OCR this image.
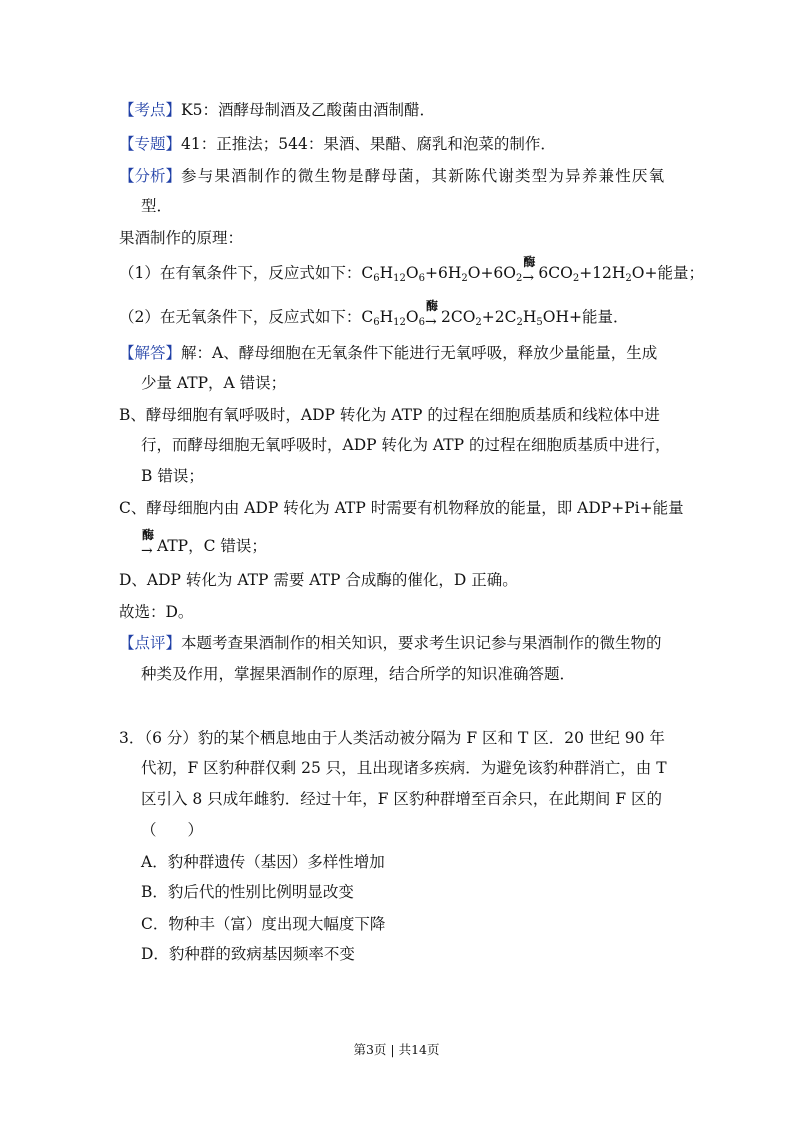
【考点】K5：酒酵母制酒及乙酸菌由酒制醋．
【专题】41：正推法；544：果酒、果醋、腐乳和泡菜的制作．
【分析】参与果酒制作的微生物是酵母菌，其新陈代谢类型为异养兼性厌氧
型．
果酒制作的原理：
（1）在有氧条件下，反应式如下：$C_6H_{12}O_6+6H_2O+6O_2$
酶
→ $6CO_2+12H_2O+$能量；
（2）在无氧条件下，反应式如下：$C_6H_{12}O_6$
酶
→ $2CO_2+2C_2H_5OH+$能量．
【解答】解：A、酵母细胞在无氧条件下能进行无氧呼吸，释放少量能量，生成
少量 ATP，A 错误；
B、酵母细胞有氧呼吸时，ADP 转化为 ATP 的过程在细胞质基质和线粒体中进
行，而酵母细胞无氧呼吸时，ADP 转化为 ATP 的过程在细胞质基质中进行，
B 错误；
C、酵母细胞内由 ADP 转化为 ATP 时需要有机物释放的能量，即 ADP+Pi+能量
酶
→ ATP，C 错误；
D、ADP 转化为 ATP 需要 ATP 合成酶的催化，D 正确。
故选：D。
【点评】本题考查果酒制作的相关知识，要求考生识记参与果酒制作的微生物的
种类及作用，掌握果酒制作的原理，结合所学的知识准确答题．
3．（6 分）豹的某个栖息地由于人类活动被分隔为 F 区和 T 区．20 世纪 90 年
代初，F 区豹种群仅剩 25 只，且出现诸多疾病．为避免该豹种群消亡，由 T
区引入 8 只成年雌豹．经过十年，F 区豹种群增至百余只，在此期间 F 区的
（　　）
A．豹种群遗传（基因）多样性增加
B．豹后代的性别比例明显改变
C．物种丰（富）度出现大幅度下降
D．豹种群的致病基因频率不变
第3页 | 共14页
